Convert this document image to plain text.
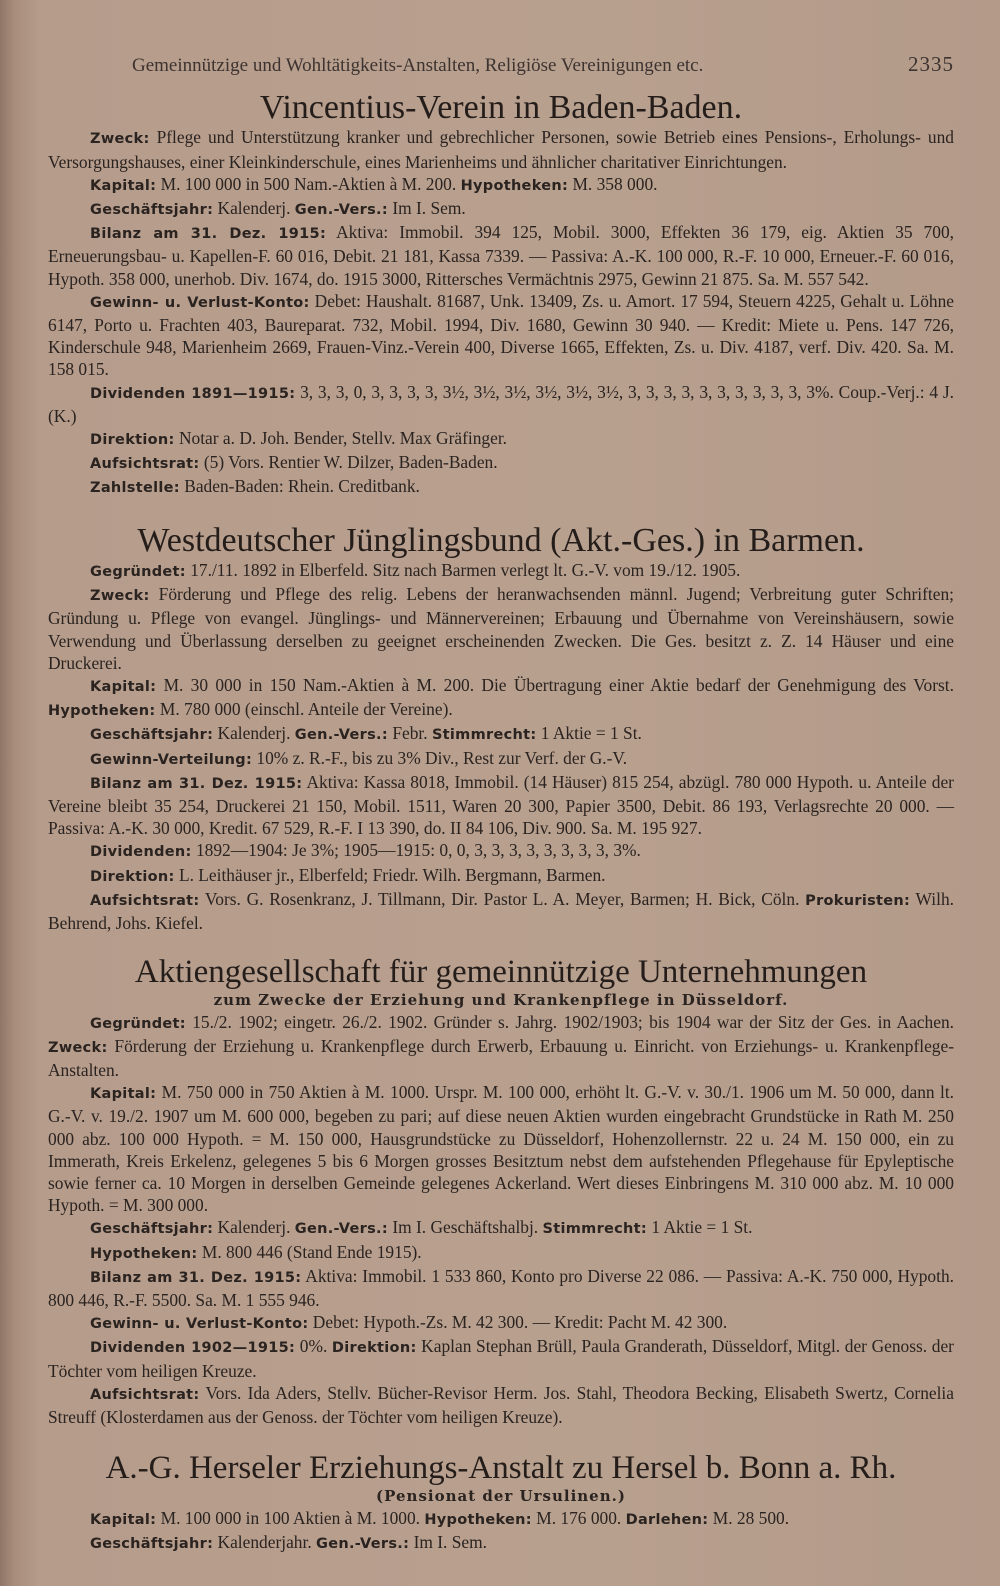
Gemeinnützige und Wohltätigkeits-Anstalten, Religiöse Vereinigungen etc.	2335
Vincentius-Verein in Baden-Baden.

Zweck: Pflege und Unterstützung kranker und gebrechlicher Personen, sowie Betrieb eines Pensions-, Erholungs- und Versorgungshauses, einer Kleinkinderschule, eines Marienheims und ähnlicher charitativer Einrichtungen.

Kapital: M. 100 000 in 500 Nam.-Aktien à M. 200. Hypotheken: M. 358 000.

Geschäftsjahr: Kalenderj. Gen.-Vers.: Im I. Sem.

Bilanz am 31. Dez. 1915: Aktiva: Immobil. 394 125, Mobil. 3000, Effekten 36 179, eig. Aktien 35 700, Erneuerungsbau- u. Kapellen-F. 60 016, Debit. 21 181, Kassa 7339. — Passiva: A.-K. 100 000, R.-F. 10 000, Erneuer.-F. 60 016, Hypoth. 358 000, unerhob. Div. 1674, do. 1915 3000, Rittersches Vermächtnis 2975, Gewinn 21 875. Sa. M. 557 542.

Gewinn- u. Verlust-Konto: Debet: Haushalt. 81687, Unk. 13409, Zs. u. Amort. 17 594, Steuern 4225, Gehalt u. Löhne 6147, Porto u. Frachten 403, Baureparat. 732, Mobil. 1994, Div. 1680, Gewinn 30 940. — Kredit: Miete u. Pens. 147 726, Kinderschule 948, Marienheim 2669, Frauen-Vinz.-Verein 400, Diverse 1665, Effekten, Zs. u. Div. 4187, verf. Div. 420. Sa. M. 158 015.

Dividenden 1891—1915: 3, 3, 3, 0, 3, 3, 3, 3, 3½, 3½, 3½, 3½, 3½, 3½, 3, 3, 3, 3, 3, 3, 3, 3, 3, 3, 3%. Coup.-Verj.: 4 J. (K.)

Direktion: Notar a. D. Joh. Bender, Stellv. Max Gräfinger.

Aufsichtsrat: (5) Vors. Rentier W. Dilzer, Baden-Baden.

Zahlstelle: Baden-Baden: Rhein. Creditbank.

Westdeutscher Jünglingsbund (Akt.-Ges.) in Barmen.

Gegründet: 17./11. 1892 in Elberfeld. Sitz nach Barmen verlegt lt. G.-V. vom 19./12. 1905.

Zweck: Förderung und Pflege des relig. Lebens der heranwachsenden männl. Jugend; Verbreitung guter Schriften; Gründung u. Pflege von evangel. Jünglings- und Männervereinen; Erbauung und Übernahme von Vereinshäusern, sowie Verwendung und Überlassung derselben zu geeignet erscheinenden Zwecken. Die Ges. besitzt z. Z. 14 Häuser und eine Druckerei.

Kapital: M. 30 000 in 150 Nam.-Aktien à M. 200. Die Übertragung einer Aktie bedarf der Genehmigung des Vorst. Hypotheken: M. 780 000 (einschl. Anteile der Vereine).

Geschäftsjahr: Kalenderj. Gen.-Vers.: Febr. Stimmrecht: 1 Aktie = 1 St.

Gewinn-Verteilung: 10% z. R.-F., bis zu 3% Div., Rest zur Verf. der G.-V.

Bilanz am 31. Dez. 1915: Aktiva: Kassa 8018, Immobil. (14 Häuser) 815 254, abzügl. 780 000 Hypoth. u. Anteile der Vereine bleibt 35 254, Druckerei 21 150, Mobil. 1511, Waren 20 300, Papier 3500, Debit. 86 193, Verlagsrechte 20 000. — Passiva: A.-K. 30 000, Kredit. 67 529, R.-F. I 13 390, do. II 84 106, Div. 900. Sa. M. 195 927.

Dividenden: 1892—1904: Je 3%; 1905—1915: 0, 0, 3, 3, 3, 3, 3, 3, 3, 3, 3%.

Direktion: L. Leithäuser jr., Elberfeld; Friedr. Wilh. Bergmann, Barmen.

Aufsichtsrat: Vors. G. Rosenkranz, J. Tillmann, Dir. Pastor L. A. Meyer, Barmen; H. Bick, Cöln. Prokuristen: Wilh. Behrend, Johs. Kiefel.

Aktiengesellschaft für gemeinnützige Unternehmungen
zum Zwecke der Erziehung und Krankenpflege in Düsseldorf.

Gegründet: 15./2. 1902; eingetr. 26./2. 1902. Gründer s. Jahrg. 1902/1903; bis 1904 war der Sitz der Ges. in Aachen. Zweck: Förderung der Erziehung u. Krankenpflege durch Erwerb, Erbauung u. Einricht. von Erziehungs- u. Krankenpflege-Anstalten.

Kapital: M. 750 000 in 750 Aktien à M. 1000. Urspr. M. 100 000, erhöht lt. G.-V. v. 30./1. 1906 um M. 50 000, dann lt. G.-V. v. 19./2. 1907 um M. 600 000, begeben zu pari; auf diese neuen Aktien wurden eingebracht Grundstücke in Rath M. 250 000 abz. 100 000 Hypoth. = M. 150 000, Hausgrundstücke zu Düsseldorf, Hohenzollernstr. 22 u. 24 M. 150 000, ein zu Immerath, Kreis Erkelenz, gelegenes 5 bis 6 Morgen grosses Besitztum nebst dem aufstehenden Pflegehause für Epyleptische sowie ferner ca. 10 Morgen in derselben Gemeinde gelegenes Ackerland. Wert dieses Einbringens M. 310 000 abz. M. 10 000 Hypoth. = M. 300 000.

Geschäftsjahr: Kalenderj. Gen.-Vers.: Im I. Geschäftshalbj. Stimmrecht: 1 Aktie = 1 St.

Hypotheken: M. 800 446 (Stand Ende 1915).

Bilanz am 31. Dez. 1915: Aktiva: Immobil. 1 533 860, Konto pro Diverse 22 086. — Passiva: A.-K. 750 000, Hypoth. 800 446, R.-F. 5500. Sa. M. 1 555 946.

Gewinn- u. Verlust-Konto: Debet: Hypoth.-Zs. M. 42 300. — Kredit: Pacht M. 42 300.

Dividenden 1902—1915: 0%. Direktion: Kaplan Stephan Brüll, Paula Granderath, Düsseldorf, Mitgl. der Genoss. der Töchter vom heiligen Kreuze.

Aufsichtsrat: Vors. Ida Aders, Stellv. Bücher-Revisor Herm. Jos. Stahl, Theodora Becking, Elisabeth Swertz, Cornelia Streuff (Klosterdamen aus der Genoss. der Töchter vom heiligen Kreuze).

A.-G. Herseler Erziehungs-Anstalt zu Hersel b. Bonn a. Rh.
(Pensionat der Ursulinen.)

Kapital: M. 100 000 in 100 Aktien à M. 1000. Hypotheken: M. 176 000. Darlehen: M. 28 500.

Geschäftsjahr: Kalenderjahr. Gen.-Vers.: Im I. Sem.
